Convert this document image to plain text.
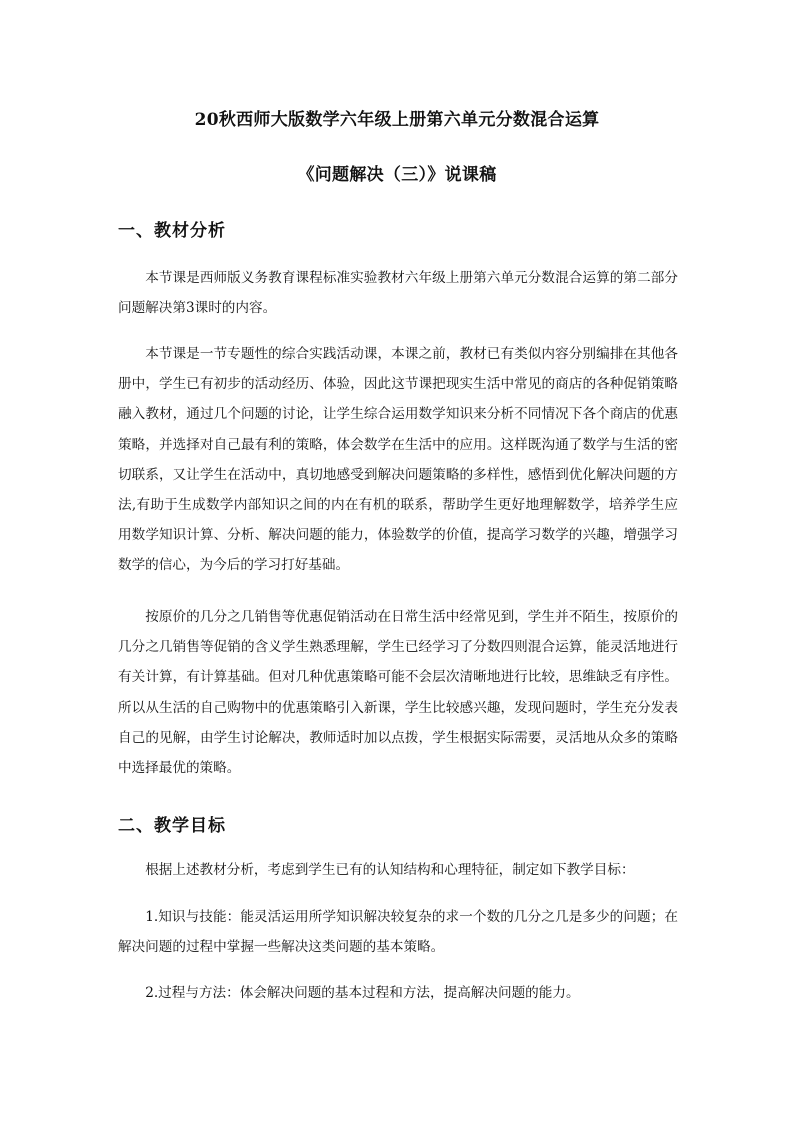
20秋西师大版数学六年级上册第六单元分数混合运算
《问题解决（三）》说课稿
一、教材分析

本节课是西师版义务教育课程标准实验教材六年级上册第六单元分数混合运算的第二部分问题解决第3课时的内容。

本节课是一节专题性的综合实践活动课，本课之前，教材已有类似内容分别编排在其他各册中，学生已有初步的活动经历、体验，因此这节课把现实生活中常见的商店的各种促销策略融入教材，通过几个问题的讨论，让学生综合运用数学知识来分析不同情况下各个商店的优惠策略，并选择对自己最有利的策略，体会数学在生活中的应用。这样既沟通了数学与生活的密切联系，又让学生在活动中，真切地感受到解决问题策略的多样性，感悟到优化解决问题的方法,有助于生成数学内部知识之间的内在有机的联系，帮助学生更好地理解数学，培养学生应用数学知识计算、分析、解决问题的能力，体验数学的价值，提高学习数学的兴趣，增强学习数学的信心，为今后的学习打好基础。

按原价的几分之几销售等优惠促销活动在日常生活中经常见到，学生并不陌生，按原价的几分之几销售等促销的含义学生熟悉理解，学生已经学习了分数四则混合运算，能灵活地进行有关计算，有计算基础。但对几种优惠策略可能不会层次清晰地进行比较，思维缺乏有序性。所以从生活的自己购物中的优惠策略引入新课，学生比较感兴趣，发现问题时，学生充分发表自己的见解，由学生讨论解决，教师适时加以点拨，学生根据实际需要，灵活地从众多的策略中选择最优的策略。

二、教学目标

根据上述教材分析，考虑到学生已有的认知结构和心理特征，制定如下教学目标：

1.知识与技能：能灵活运用所学知识解决较复杂的求一个数的几分之几是多少的问题；在解决问题的过程中掌握一些解决这类问题的基本策略。

2.过程与方法：体会解决问题的基本过程和方法，提高解决问题的能力。
